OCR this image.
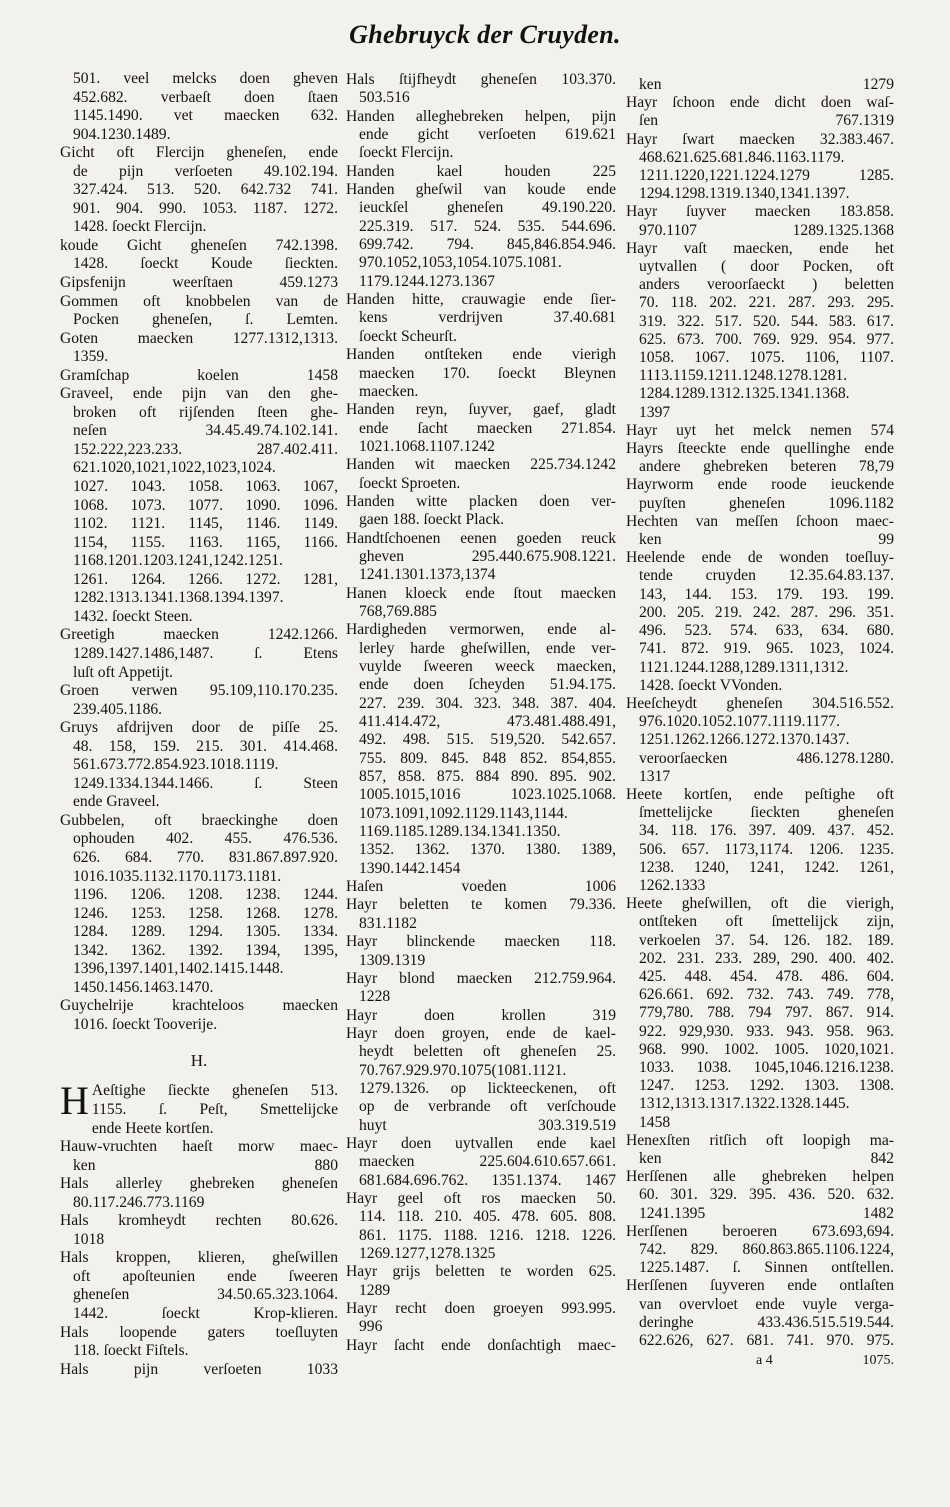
Ghebruyck der Cruyden.
501. veel melcks doen gheven
452.682. verbaeſt doen ſtaen
1145.1490. vet maecken 632.
904.1230.1489.
Gicht oft Flercijn gheneſen, ende
de pijn verſoeten 49.102.194.
327.424. 513. 520. 642.732 741.
901. 904. 990. 1053. 1187. 1272.
1428. ſoeckt Flercijn.
koude Gicht gheneſen 742.1398.
1428. ſoeckt Koude ſieckten.
Gipsfenijn weerſtaen 459.1273
Gommen oft knobbelen van de
Pocken gheneſen, ſ. Lemten.
Goten maecken 1277.1312,1313.
1359.
Gramſchap koelen 1458
Graveel, ende pijn van den ghe-
broken oft rijſenden ſteen ghe-
neſen 34.45.49.74.102.141.
152.222,223.233. 287.402.411.
621.1020,1021,1022,1023,1024.
1027. 1043. 1058. 1063. 1067,
1068. 1073. 1077. 1090. 1096.
1102. 1121. 1145, 1146. 1149.
1154, 1155. 1163. 1165, 1166.
1168.1201.1203.1241,1242.1251.
1261. 1264. 1266. 1272. 1281,
1282.1313.1341.1368.1394.1397.
1432. ſoeckt Steen.
Greetigh maecken 1242.1266.
1289.1427.1486,1487. ſ. Etens
luſt oft Appetijt.
Groen verwen 95.109,110.170.235.
239.405.1186.
Gruys afdrijven door de piſſe 25.
48. 158, 159. 215. 301. 414.468.
561.673.772.854.923.1018.1119.
1249.1334.1344.1466. ſ. Steen
ende Graveel.
Gubbelen, oft braeckinghe doen
ophouden 402. 455. 476.536.
626. 684. 770. 831.867.897.920.
1016.1035.1132.1170.1173.1181.
1196. 1206. 1208. 1238. 1244.
1246. 1253. 1258. 1268. 1278.
1284. 1289. 1294. 1305. 1334.
1342. 1362. 1392. 1394, 1395,
1396,1397.1401,1402.1415.1448.
1450.1456.1463.1470.
Guychelrije krachteloos maecken
1016. ſoeckt Tooverije.
H.
H Aeſtighe ſieckte gheneſen 513.
1155. ſ. Peſt, Smettelijcke
ende Heete kortſen.
Hauw-vruchten haeſt morw maec-
ken 880
Hals allerley ghebreken gheneſen
80.117.246.773.1169
Hals kromheydt rechten 80.626.
1018
Hals kroppen, klieren, gheſwillen
oft apoſteunien ende ſweeren
gheneſen 34.50.65.323.1064.
1442. ſoeckt Krop-klieren.
Hals loopende gaters toeſluyten
118. ſoeckt Fiſtels.
Hals pijn verſoeten 1033
Hals ſtijfheydt gheneſen 103.370.
503.516
Handen alleghebreken helpen, pijn
ende gicht verſoeten 619.621
ſoeckt Flercijn.
Handen kael houden 225
Handen gheſwil van koude ende
ieuckſel gheneſen 49.190.220.
225.319. 517. 524. 535. 544.696.
699.742. 794. 845,846.854.946.
970.1052,1053,1054.1075.1081.
1179.1244.1273.1367
Handen hitte, crauwagie ende ſier-
kens verdrijven 37.40.681
ſoeckt Scheurſt.
Handen ontſteken ende vierigh
maecken 170. ſoeckt Bleynen
maecken.
Handen reyn, ſuyver, gaef, gladt
ende ſacht maecken 271.854.
1021.1068.1107.1242
Handen wit maecken 225.734.1242
ſoeckt Sproeten.
Handen witte placken doen ver-
gaen 188. ſoeckt Plack.
Handtſchoenen eenen goeden reuck
gheven 295.440.675.908.1221.
1241.1301.1373,1374
Hanen kloeck ende ſtout maecken
768,769.885
Hardigheden vermorwen, ende al-
lerley harde gheſwillen, ende ver-
vuylde ſweeren weeck maecken,
ende doen ſcheyden 51.94.175.
227. 239. 304. 323. 348. 387. 404.
411.414.472, 473.481.488.491,
492. 498. 515. 519,520. 542.657.
755. 809. 845. 848 852. 854,855.
857, 858. 875. 884 890. 895. 902.
1005.1015,1016 1023.1025.1068.
1073.1091,1092.1129.1143,1144.
1169.1185.1289.134.1341.1350.
1352. 1362. 1370. 1380. 1389,
1390.1442.1454
Haſen voeden 1006
Hayr beletten te komen 79.336.
831.1182
Hayr blinckende maecken 118.
1309.1319
Hayr blond maecken 212.759.964.
1228
Hayr doen krollen 319
Hayr doen groyen, ende de kael-
heydt beletten oft gheneſen 25.
70.767.929.970.1075(1081.1121.
1279.1326. op lickteeckenen, oft
op de verbrande oft verſchoude
huyt 303.319.519
Hayr doen uytvallen ende kael
maecken 225.604.610.657.661.
681.684.696.762. 1351.1374. 1467
Hayr geel oft ros maecken 50.
114. 118. 210. 405. 478. 605. 808.
861. 1175. 1188. 1216. 1218. 1226.
1269.1277,1278.1325
Hayr grijs beletten te worden 625.
1289
Hayr recht doen groeyen 993.995.
996
Hayr ſacht ende donſachtigh maec-
ken 1279
Hayr ſchoon ende dicht doen waſ-
ſen 767.1319
Hayr ſwart maecken 32.383.467.
468.621.625.681.846.1163.1179.
1211.1220,1221.1224.1279 1285.
1294.1298.1319.1340,1341.1397.
Hayr ſuyver maecken 183.858.
970.1107 1289.1325.1368
Hayr vaſt maecken, ende het
uytvallen ( door Pocken, oft
anders veroorſaeckt ) beletten
70. 118. 202. 221. 287. 293. 295.
319. 322. 517. 520. 544. 583. 617.
625. 673. 700. 769. 929. 954. 977.
1058. 1067. 1075. 1106, 1107.
1113.1159.1211.1248.1278.1281.
1284.1289.1312.1325.1341.1368.
1397
Hayr uyt het melck nemen 574
Hayrs ſteeckte ende quellinghe ende
andere ghebreken beteren 78,79
Hayrworm ende roode ieuckende
puyſten gheneſen 1096.1182
Hechten van meſſen ſchoon maec-
ken 99
Heelende ende de wonden toeſluy-
tende cruyden 12.35.64.83.137.
143, 144. 153. 179. 193. 199.
200. 205. 219. 242. 287. 296. 351.
496. 523. 574. 633, 634. 680.
741. 872. 919. 965. 1023, 1024.
1121.1244.1288,1289.1311,1312.
1428. ſoeckt VVonden.
Heeſcheydt gheneſen 304.516.552.
976.1020.1052.1077.1119.1177.
1251.1262.1266.1272.1370.1437.
veroorſaecken 486.1278.1280.
1317
Heete kortſen, ende peſtighe oft
ſmettelijcke ſieckten gheneſen
34. 118. 176. 397. 409. 437. 452.
506. 657. 1173,1174. 1206. 1235.
1238. 1240, 1241, 1242. 1261,
1262.1333
Heete gheſwillen, oft die vierigh,
ontſteken oft ſmettelijck zijn,
verkoelen 37. 54. 126. 182. 189.
202. 231. 233. 289, 290. 400. 402.
425. 448. 454. 478. 486. 604.
626.661. 692. 732. 743. 749. 778,
779,780. 788. 794 797. 867. 914.
922. 929,930. 933. 943. 958. 963.
968. 990. 1002. 1005. 1020,1021.
1033. 1038. 1045,1046.1216.1238.
1247. 1253. 1292. 1303. 1308.
1312,1313.1317.1322.1328.1445.
1458
Henexſten ritſich oft loopigh ma-
ken 842
Herſſenen alle ghebreken helpen
60. 301. 329. 395. 436. 520. 632.
1241.1395 1482
Herſſenen beroeren 673.693,694.
742. 829. 860.863.865.1106.1224,
1225.1487. ſ. Sinnen ontſtellen.
Herſſenen ſuyveren ende ontlaſten
van overvloet ende vuyle verga-
deringhe 433.436.515.519.544.
622.626, 627. 681. 741. 970. 975.
a 4	1075.
